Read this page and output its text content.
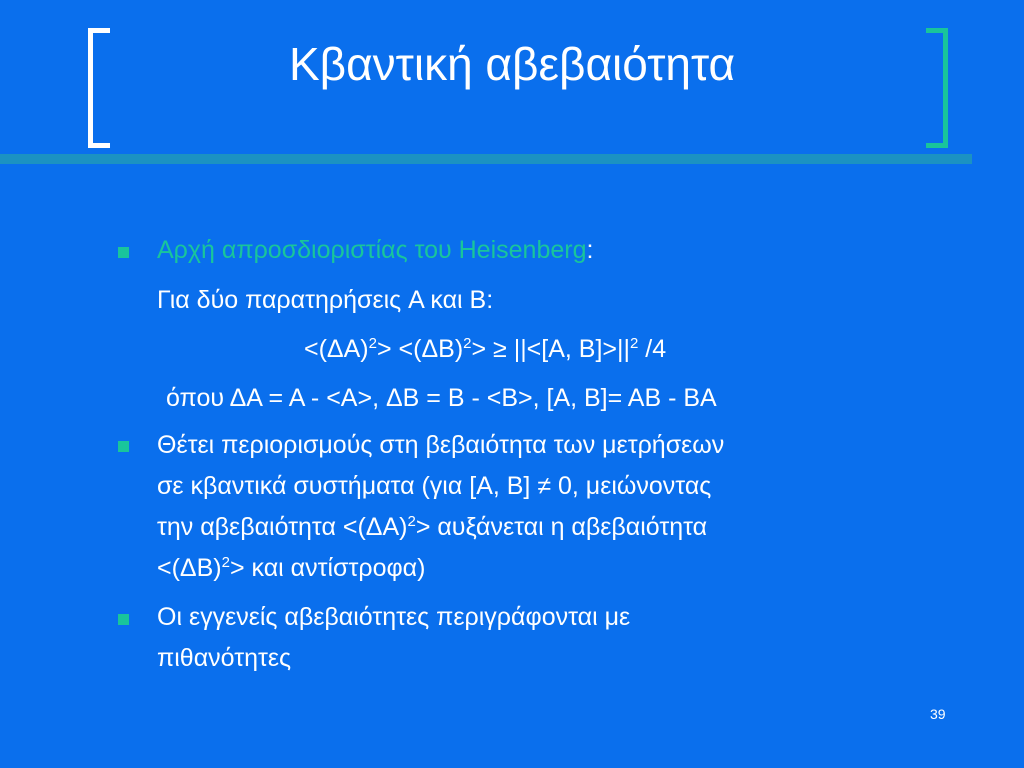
Κβαντική αβεβαιότητα
Αρχή απροσδιοριστίας του Heisenberg:
Για δύο παρατηρήσεις A και B:
$<(\Delta A)^2> <(\Delta B)^2> \ge ||<[A$, $B]>||^2$ /4
όπου ΔA = A - <A>, ΔB = B - <B>, [A, B]= AB - BA
Θέτει περιορισμούς στη βεβαιότητα των μετρήσεων
σε κβαντικά συστήματα (για [A, B] ≠ 0, μειώνοντας
την $\alpha\beta\varepsilon\beta\alpha\iota ό\tau\eta\tau\alpha <(\Delta A)^2> \alpha\upsilon\xi ά\nu\varepsilon\tau\alpha\iota$ η αβεβαιότητα
$<(\Delta B)^2> \kappa\alpha\iota$ αντίστροφα)
Οι εγγενείς αβεβαιότητες περιγράφονται με
πιθανότητες
39
